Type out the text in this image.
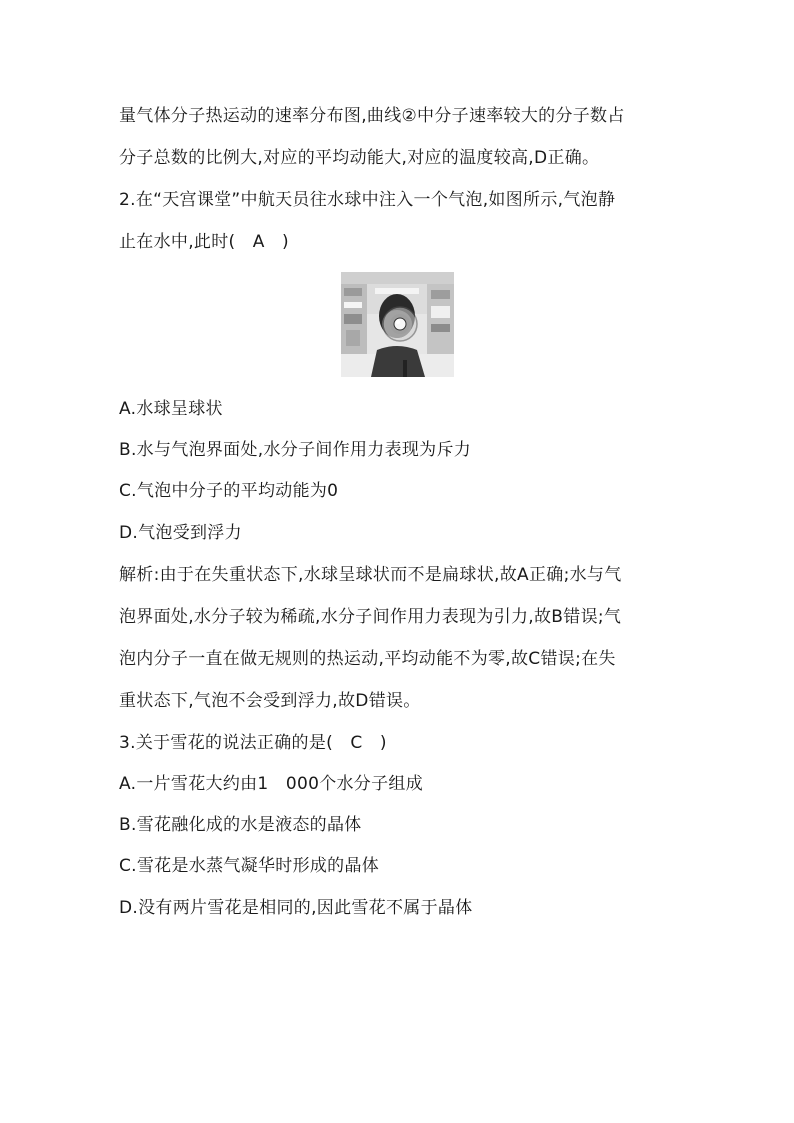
量气体分子热运动的速率分布图,曲线②中分子速率较大的分子数占
分子总数的比例大,对应的平均动能大,对应的温度较高,D正确。
2.在“天宫课堂”中航天员往水球中注入一个气泡,如图所示,气泡静
止在水中,此时(　A　)
A.水球呈球状
B.水与气泡界面处,水分子间作用力表现为斥力
C.气泡中分子的平均动能为0
D.气泡受到浮力
解析:由于在失重状态下,水球呈球状而不是扁球状,故A正确;水与气
泡界面处,水分子较为稀疏,水分子间作用力表现为引力,故B错误;气
泡内分子一直在做无规则的热运动,平均动能不为零,故C错误;在失
重状态下,气泡不会受到浮力,故D错误。
3.关于雪花的说法正确的是(　C　)
A.一片雪花大约由1　000个水分子组成
B.雪花融化成的水是液态的晶体
C.雪花是水蒸气凝华时形成的晶体
D.没有两片雪花是相同的,因此雪花不属于晶体
